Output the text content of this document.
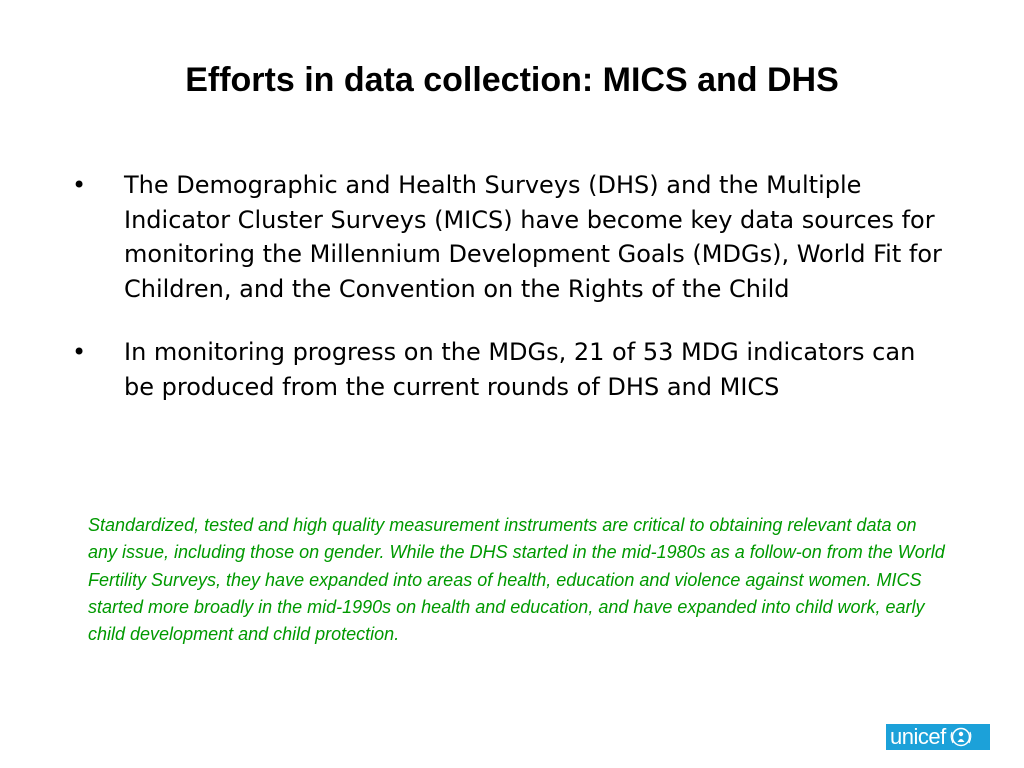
Efforts in data collection: MICS and DHS
•	The Demographic and Health Surveys (DHS) and the Multiple Indicator Cluster Surveys (MICS) have become key data sources for monitoring the Millennium Development Goals (MDGs), World Fit for Children, and the Convention on the Rights of the Child
•	In monitoring progress on the MDGs, 21 of 53 MDG indicators can be produced from the current rounds of DHS and MICS
Standardized, tested and high quality measurement instruments are critical to obtaining relevant data on any issue, including those on gender. While the DHS started in the mid-1980s as a follow-on from the World Fertility Surveys, they have expanded into areas of health, education and violence against women. MICS started more broadly in the mid-1990s on health and education, and have expanded into child work, early child development and child protection.
unicef
